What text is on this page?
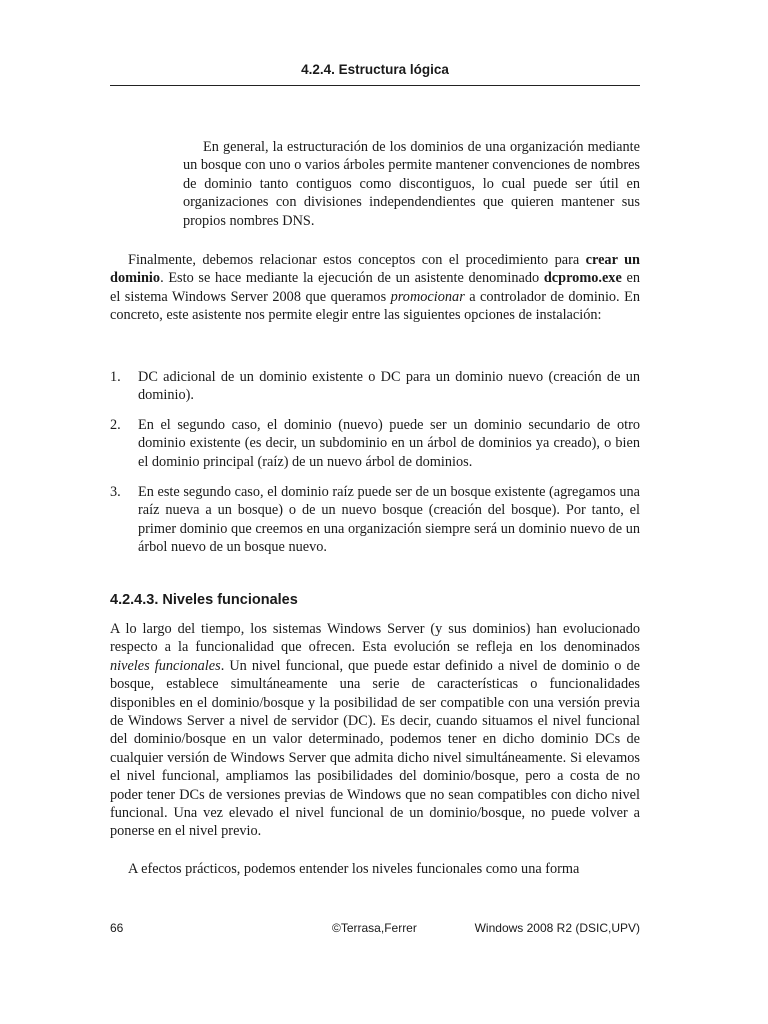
4.2.4. Estructura lógica

En general, la estructuración de los dominios de una organización mediante un bosque con uno o varios árboles permite mantener convenciones de nombres de dominio tanto contiguos como discontiguos, lo cual puede ser útil en organizaciones con divisiones independendientes que quieren mantener sus propios nombres DNS.

Finalmente, debemos relacionar estos conceptos con el procedimiento para crear un dominio. Esto se hace mediante la ejecución de un asistente denominado dcpromo.exe en el sistema Windows Server 2008 que queramos promocionar a controlador de dominio. En concreto, este asistente nos permite elegir entre las siguientes opciones de instalación:

1. DC adicional de un dominio existente o DC para un dominio nuevo (creación de un dominio).
2. En el segundo caso, el dominio (nuevo) puede ser un dominio secundario de otro dominio existente (es decir, un subdominio en un árbol de dominios ya creado), o bien el dominio principal (raíz) de un nuevo árbol de dominios.
3. En este segundo caso, el dominio raíz puede ser de un bosque existente (agregamos una raíz nueva a un bosque) o de un nuevo bosque (creación del bosque). Por tanto, el primer dominio que creemos en una organización siempre será un dominio nuevo de un árbol nuevo de un bosque nuevo.
4.2.4.3. Niveles funcionales

A lo largo del tiempo, los sistemas Windows Server (y sus dominios) han evolucionado respecto a la funcionalidad que ofrecen. Esta evolución se refleja en los denominados niveles funcionales. Un nivel funcional, que puede estar definido a nivel de dominio o de bosque, establece simultáneamente una serie de características o funcionalidades disponibles en el dominio/bosque y la posibilidad de ser compatible con una versión previa de Windows Server a nivel de servidor (DC). Es decir, cuando situamos el nivel funcional del dominio/bosque en un valor determinado, podemos tener en dicho dominio DCs de cualquier versión de Windows Server que admita dicho nivel simultáneamente. Si elevamos el nivel funcional, ampliamos las posibilidades del dominio/bosque, pero a costa de no poder tener DCs de versiones previas de Windows que no sean compatibles con dicho nivel funcional. Una vez elevado el nivel funcional de un dominio/bosque, no puede volver a ponerse en el nivel previo.

A efectos prácticos, podemos entender los niveles funcionales como una forma

66	©Terrasa,Ferrer	Windows 2008 R2 (DSIC,UPV)
